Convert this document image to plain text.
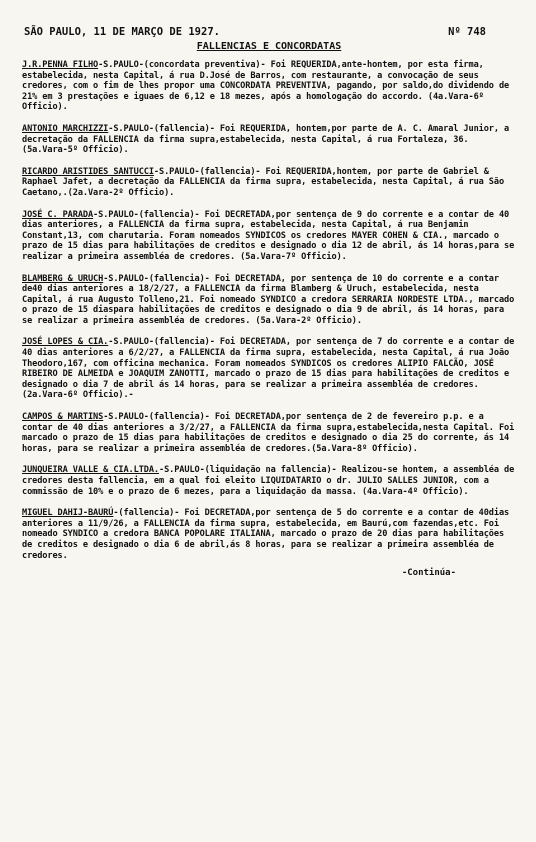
SÃO PAULO, 11 DE MARÇO DE 1927.	Nº 748
FALLENCIAS E CONCORDATAS
J.R.PENNA FILHO-S.PAULO-(concordata preventiva)- Foi REQUERIDA,ante-hontem, por esta firma, estabelecida, nesta Capital, á rua D.José de Barros, com restaurante, a convocação de seus credores, com o fim de lhes propor uma CONCORDATA PREVENTIVA, pagando, por saldo,do dividendo de 21% em 3 prestações e iguaes de 6,12 e 18 mezes, após a homologação do accordo. (4a.Vara-6º Officio).
ANTONIO MARCHIZZI-S.PAULO-(fallencia)- Foi REQUERIDA, hontem,por parte de A. C. Amaral Junior, a decretação da FALLENCIA da firma supra,estabelecida, nesta Capital, á rua Fortaleza, 36. (5a.Vara-5º Officio).
RICARDO ARISTIDES SANTUCCI-S.PAULO-(fallencia)- Foi REQUERIDA,hontem, por parte de Gabriel & Raphael Jafet, a decretação da FALLENCIA da firma supra, estabelecida, nesta Capital, á rua São Caetano,.(2a.Vara-2º Officio).
JOSÉ C. PARADA-S.PAULO-(fallencia)- Foi DECRETADA,por sentença de 9 do corrente e a contar de 40 dias anteriores, a FALLENCIA da firma supra, estabelecida, nesta Capital, á rua Benjamin Constant,13, com charutaria. Foram nomeados SYNDICOS os credores MAYER COHEN & CIA., marcado o prazo de 15 dias para habilitações de creditos e designado o dia 12 de abril, ás 14 horas,para se realizar a primeira assembléa de credores. (5a.Vara-7º Officio).
BLAMBERG & URUCH-S.PAULO-(fallencia)- Foi DECRETADA, por sentença de 10 do corrente e a contar de40 dias anteriores a 18/2/27, a FALLENCIA da firma Blamberg & Uruch, estabelecida, nesta Capital, á rua Augusto Tolleno,21. Foi nomeado SYNDICO a credora SERRARIA NORDESTE LTDA., marcado o prazo de 15 diaspara habilitações de creditos e designado o dia 9 de abril, ás 14 horas, para se realizar a primeira assembléa de credores. (5a.Vara-2º Officio).
JOSÉ LOPES & CIA.-S.PAULO-(fallencia)- Foi DECRETADA, por sentença de 7 do corrente e a contar de 40 dias anteriores a 6/2/27, a FALLENCIA da firma supra, estabelecida, nesta Capital, á rua João Theodoro,167, com officina mechanica. Foram nomeados SYNDICOS os credores ALIPIO FALCÃO, JOSÉ RIBEIRO DE ALMEIDA e JOAQUIM ZANOTTI, marcado o prazo de 15 dias para habilitações de creditos e designado o dia 7 de abril ás 14 horas, para se realizar a primeira assembléa de credores. (2a.Vara-6º Officio).-
CAMPOS & MARTINS-S.PAULO-(fallencia)- Foi DECRETADA,por sentença de 2 de fevereiro p.p. e a contar de 40 dias anteriores a 3/2/27, a FALLENCIA da firma supra,estabelecida,nesta Capital. Foi marcado o prazo de 15 dias para habilitações de creditos e designado o dia 25 do corrente, ás 14 horas, para se realizar a primeira assembléa de credores.(5a.Vara-8º Officio).
JUNQUEIRA VALLE & CIA.LTDA.-S.PAULO-(liquidação na fallencia)- Realizou-se hontem, a assembléa de credores desta fallencia, em a qual foi eleito LIQUIDATARIO o dr. JULIO SALLES JUNIOR, com a commissão de 10% e o prazo de 6 mezes, para a liquidação da massa. (4a.Vara-4º Officio).
MIGUEL DAHIJ-BAURÚ-(fallencia)- Foi DECRETADA,por sentença de 5 do corrente e a contar de 40dias anteriores a 11/9/26, a FALLENCIA da firma supra, estabelecida, em Baurú,com fazendas,etc. Foi nomeado SYNDICO a credora BANCA POPOLARE ITALIANA, marcado o prazo de 20 dias para habilitações de creditos e designado o dia 6 de abril,ás 8 horas, para se realizar a primeira assembléa de credores.
-Continúa-
